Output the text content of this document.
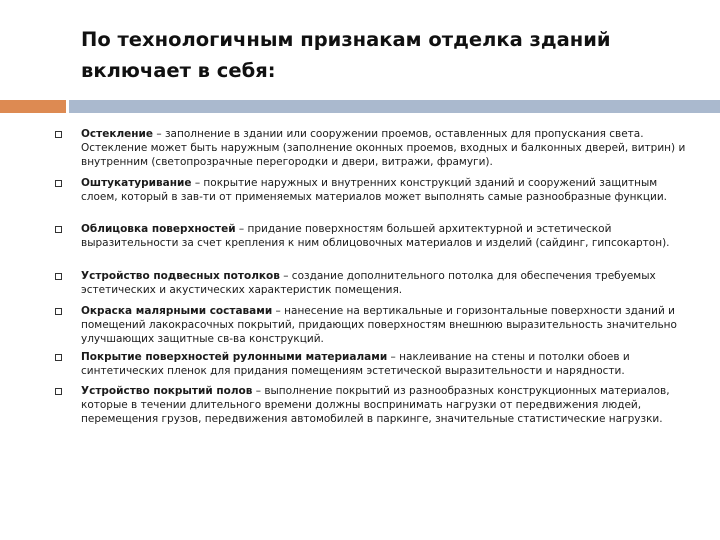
По технологичным признакам отделка зданий включает в себя:
Остекление – заполнение в здании или сооружении проемов, оставленных для пропускания света. Остекление может быть наружным (заполнение оконных проемов, входных и балконных дверей, витрин) и внутренним (светопрозрачные перегородки и двери, витражи, фрамуги).
Оштукатуривание – покрытие наружных и внутренних конструкций зданий и сооружений защитным слоем, который в зав-ти от применяемых материалов может выполнять самые разнообразные функции.
Облицовка поверхностей – придание поверхностям большей архитектурной и эстетической выразительности за счет крепления к ним облицовочных материалов и изделий (сайдинг, гипсокартон).
Устройство подвесных потолков – создание дополнительного потолка для обеспечения требуемых эстетических и акустических характеристик помещения.
Окраска малярными составами – нанесение на вертикальные и горизонтальные поверхности зданий и помещений лакокрасочных покрытий, придающих поверхностям внешнюю выразительность значительно улучшающих защитные св-ва конструкций.
Покрытие поверхностей рулонными материалами – наклеивание на стены и потолки обоев и синтетических пленок для придания помещениям эстетической выразительности и нарядности.
Устройство покрытий полов – выполнение покрытий из разнообразных конструкционных материалов, которые в течении длительного времени должны воспринимать нагрузки от передвижения людей, перемещения грузов, передвижения автомобилей в паркинге, значительные статистические нагрузки.
